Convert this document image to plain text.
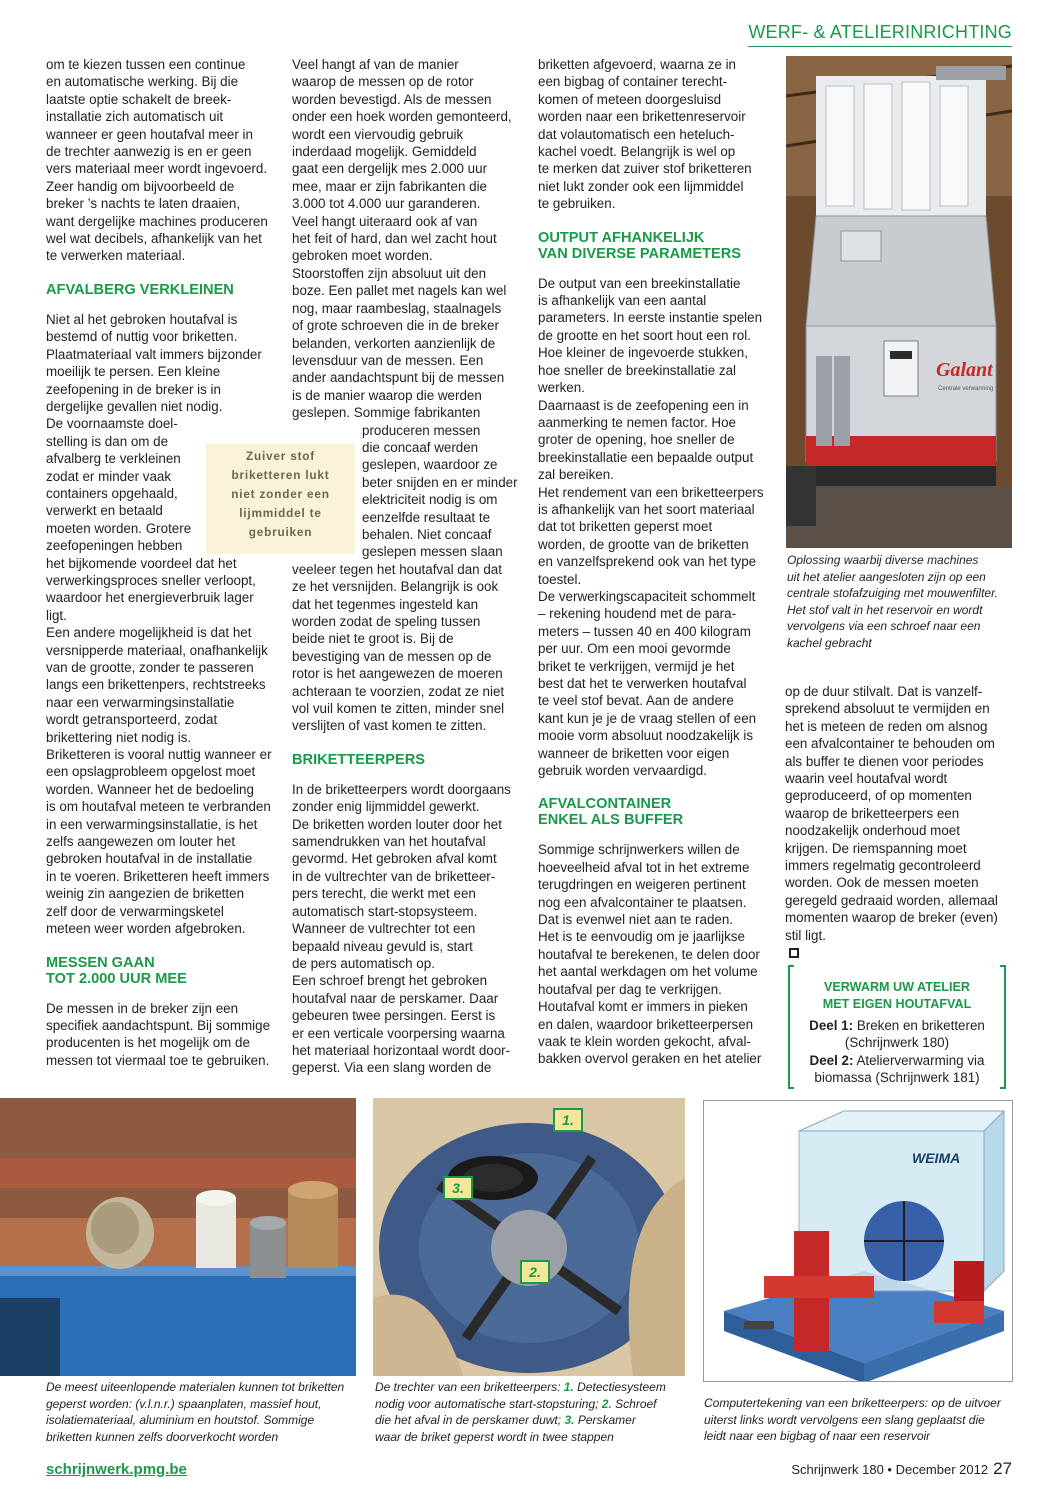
WERF- & ATELIERINRICHTING
om te kiezen tussen een continue
en automatische werking. Bij die
laatste optie schakelt de breek-
installatie zich automatisch uit
wanneer er geen houtafval meer in
de trechter aanwezig is en er geen
vers materiaal meer wordt ingevoerd.
Zeer handig om bijvoorbeeld de
breker ’s nachts te laten draaien,
want dergelijke machines produceren
wel wat decibels, afhankelijk van het
te verwerken materiaal.
AFVALBERG VERKLEINEN
Niet al het gebroken houtafval is
bestemd of nuttig voor briketten.
Plaatmateriaal valt immers bijzonder
moeilijk te persen. Een kleine
zeefopening in de breker is in
dergelijke gevallen niet nodig.
De voornaamste doel-
stelling is dan om de
afvalberg te verkleinen
zodat er minder vaak
containers opgehaald,
verwerkt en betaald
moeten worden. Grotere
zeefopeningen hebben
het bijkomende voordeel dat het
verwerkingsproces sneller verloopt,
waardoor het energieverbruik lager
ligt.
Een andere mogelijkheid is dat het
versnipperde materiaal, onafhankelijk
van de grootte, zonder te passeren
langs een brikettenpers, rechtstreeks
naar een verwarmingsinstallatie
wordt getransporteerd, zodat
brikettering niet nodig is.
Briketteren is vooral nuttig wanneer er
een opslagprobleem opgelost moet
worden. Wanneer het de bedoeling
is om houtafval meteen te verbranden
in een verwarmingsinstallatie, is het
zelfs aangewezen om louter het
gebroken houtafval in de installatie
in te voeren. Briketteren heeft immers
weinig zin aangezien de briketten
zelf door de verwarmingsketel
meteen weer worden afgebroken.
MESSEN GAAN
TOT 2.000 UUR MEE
De messen in de breker zijn een
specifiek aandachtspunt. Bij sommige
producenten is het mogelijk om de
messen tot viermaal toe te gebruiken.
Zuiver stof
briketteren lukt
niet zonder een
lijmmiddel te
gebruiken
Veel hangt af van de manier
waarop de messen op de rotor
worden bevestigd. Als de messen
onder een hoek worden gemonteerd,
wordt een viervoudig gebruik
inderdaad mogelijk. Gemiddeld
gaat een dergelijk mes 2.000 uur
mee, maar er zijn fabrikanten die
3.000 tot 4.000 uur garanderen.
Veel hangt uiteraard ook af van
het feit of hard, dan wel zacht hout
gebroken moet worden.
Stoorstoffen zijn absoluut uit den
boze. Een pallet met nagels kan wel
nog, maar raambeslag, staalnagels
of grote schroeven die in de breker
belanden, verkorten aanzienlijk de
levensduur van de messen. Een
ander aandachtspunt bij de messen
is de manier waarop die werden
geslepen. Sommige fabrikanten
produceren messen
die concaaf werden
geslepen, waardoor ze
beter snijden en er minder
elektriciteit nodig is om
eenzelfde resultaat te
behalen. Niet concaaf
geslepen messen slaan
veeleer tegen het houtafval dan dat
ze het versnijden. Belangrijk is ook
dat het tegenmes ingesteld kan
worden zodat de speling tussen
beide niet te groot is. Bij de
bevestiging van de messen op de
rotor is het aangewezen de moeren
achteraan te voorzien, zodat ze niet
vol vuil komen te zitten, minder snel
verslijten of vast komen te zitten.
BRIKETTEERPERS
In de briketteerpers wordt doorgaans
zonder enig lijmmiddel gewerkt.
De briketten worden louter door het
samendrukken van het houtafval
gevormd. Het gebroken afval komt
in de vultrechter van de briketteer-
pers terecht, die werkt met een
automatisch start-stopsysteem.
Wanneer de vultrechter tot een
bepaald niveau gevuld is, start
de pers automatisch op.
Een schroef brengt het gebroken
houtafval naar de perskamer. Daar
gebeuren twee persingen. Eerst is
er een verticale voorpersing waarna
het materiaal horizontaal wordt door-
geperst. Via een slang worden de
briketten afgevoerd, waarna ze in
een bigbag of container terecht-
komen of meteen doorgesluisd
worden naar een brikettenreservoir
dat volautomatisch een heteluch-
kachel voedt. Belangrijk is wel op
te merken dat zuiver stof briketteren
niet lukt zonder ook een lijmmiddel
te gebruiken.
OUTPUT AFHANKELIJK
VAN DIVERSE PARAMETERS
De output van een breekinstallatie
is afhankelijk van een aantal
parameters. In eerste instantie spelen
de grootte en het soort hout een rol.
Hoe kleiner de ingevoerde stukken,
hoe sneller de breekinstallatie zal
werken.
Daarnaast is de zeefopening een in
aanmerking te nemen factor. Hoe
groter de opening, hoe sneller de
breekinstallatie een bepaalde output
zal bereiken.
Het rendement van een briketteerpers
is afhankelijk van het soort materiaal
dat tot briketten geperst moet
worden, de grootte van de briketten
en vanzelfsprekend ook van het type
toestel.
De verwerkingscapaciteit schommelt
– rekening houdend met de para-
meters – tussen 40 en 400 kilogram
per uur. Om een mooi gevormde
briket te verkrijgen, vermijd je het
best dat het te verwerken houtafval
te veel stof bevat. Aan de andere
kant kun je je de vraag stellen of een
mooie vorm absoluut noodzakelijk is
wanneer de briketten voor eigen
gebruik worden vervaardigd.
AFVALCONTAINER
ENKEL ALS BUFFER
Sommige schrijnwerkers willen de
hoeveelheid afval tot in het extreme
terugdringen en weigeren pertinent
nog een afvalcontainer te plaatsen.
Dat is evenwel niet aan te raden.
Het is te eenvoudig om je jaarlijkse
houtafval te berekenen, te delen door
het aantal werkdagen om het volume
houtafval per dag te verkrijgen.
Houtafval komt er immers in pieken
en dalen, waardoor briketteerpersen
vaak te klein worden gekocht, afval-
bakken overvol geraken en het atelier
Galant
Centrale verwarming
Oplossing waarbij diverse machines
uit het atelier aangesloten zijn op een
centrale stofafzuiging met mouwenfilter.
Het stof valt in het reservoir en wordt
vervolgens via een schroef naar een
kachel gebracht
op de duur stilvalt. Dat is vanzelf-
sprekend absoluut te vermijden en
het is meteen de reden om alsnog
een afvalcontainer te behouden om
als buffer te dienen voor periodes
waarin veel houtafval wordt
geproduceerd, of op momenten
waarop de briketteerpers een
noodzakelijk onderhoud moet
krijgen. De riemspanning moet
immers regelmatig gecontroleerd
worden. Ook de messen moeten
geregeld gedraaid worden, allemaal
momenten waarop de breker (even)
stil ligt.
VERWARM UW ATELIER
MET EIGEN HOUTAFVAL
Deel 1: Breken en briketteren
(Schrijnwerk 180)
Deel 2: Atelierverwarming via
biomassa (Schrijnwerk 181)
De meest uiteenlopende materialen kunnen tot briketten
geperst worden: (v.l.n.r.) spaanplaten, massief hout,
isolatiemateriaal, aluminium en houtstof. Sommige
briketten kunnen zelfs doorverkocht worden
1.
3.
2.
De trechter van een briketteerpers: 1. Detectiesysteem
nodig voor automatische start-stopsturing; 2. Schroef
die het afval in de perskamer duwt; 3. Perskamer
waar de briket geperst wordt in twee stappen
WEIMA
Computertekening van een briketteerpers: op de uitvoer
uiterst links wordt vervolgens een slang geplaatst die
leidt naar een bigbag of naar een reservoir
schrijnwerk.pmg.be	Schrijnwerk 180 • December 2012 27
